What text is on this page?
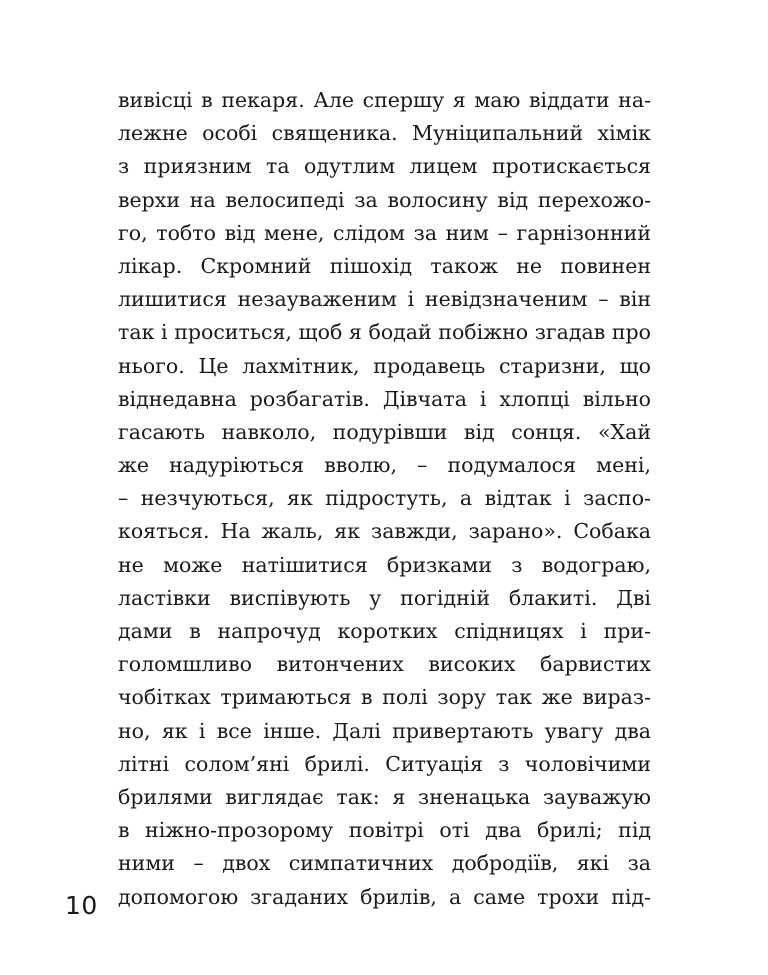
вивісці в пекаря. Але спершу я маю віддати на-
лежне особі священика. Муніципальний хімік
з приязним та одутлим лицем протискається
верхи на велосипеді за волосину від перехожо-
го, тобто від мене, слідом за ним – гарнізонний
лікар. Скромний пішохід також не повинен
лишитися незауваженим і невідзначеним – він
так і проситься, щоб я бодай побіжно згадав про
нього. Це лахмітник, продавець старизни, що
віднедавна розбагатів. Дівчата і хлопці вільно
гасають навколо, подурівши від сонця. «Хай
же надуріються вволю, – подумалося мені,
– незчуються, як підростуть, а відтак і заспо-
кояться. На жаль, як завжди, зарано». Собака
не може натішитися бризками з водограю,
ластівки виспівують у погідній блакиті. Дві
дами в напрочуд коротких спідницях і при-
голомшливо витончених високих барвистих
чобітках тримаються в полі зору так же вираз-
но, як і все інше. Далі привертають увагу два
літні солом’яні брилі. Ситуація з чоловічими
брилями виглядає так: я зненацька зауважую
в ніжно-прозорому повітрі оті два брилі; під
ними – двох симпатичних добродіїв, які за
допомогою згаданих брилів, а саме трохи під-
10
